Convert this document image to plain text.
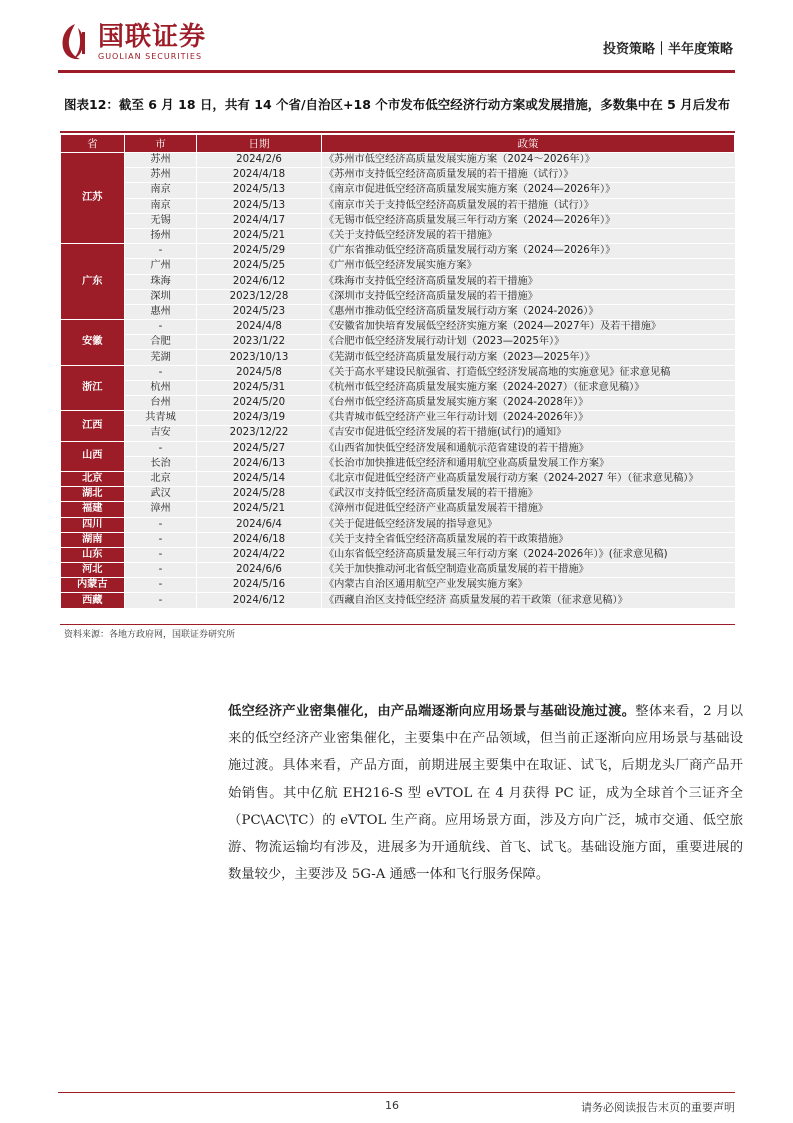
国联证券
GUOLIAN SECURITIES	投资策略｜半年度策略
图表12：截至 6 月 18 日，共有 14 个省/自治区+18 个市发布低空经济行动方案或发展措施，多数集中在 5 月后发布
省	市	日期	政策
江苏	苏州	2024/2/6	《苏州市低空经济高质量发展实施方案（2024～2026年）》
	苏州	2024/4/18	《苏州市支持低空经济高质量发展的若干措施（试行）》
	南京	2024/5/13	《南京市促进低空经济高质量发展实施方案（2024—2026年）》
	南京	2024/5/13	《南京市关于支持低空经济高质量发展的若干措施（试行）》
	无锡	2024/4/17	《无锡市低空经济高质量发展三年行动方案（2024—2026年）》
	扬州	2024/5/21	《关于支持低空经济发展的若干措施》
广东	-	2024/5/29	《广东省推动低空经济高质量发展行动方案（2024—2026年）》
	广州	2024/5/25	《广州市低空经济发展实施方案》
	珠海	2024/6/12	《珠海市支持低空经济高质量发展的若干措施》
	深圳	2023/12/28	《深圳市支持低空经济高质量发展的若干措施》
	惠州	2024/5/23	《惠州市推动低空经济高质量发展行动方案（2024-2026）》
安徽	-	2024/4/8	《安徽省加快培育发展低空经济实施方案（2024—2027年）及若干措施》
	合肥	2023/1/22	《合肥市低空经济发展行动计划（2023—2025年）》
	芜湖	2023/10/13	《芜湖市低空经济高质量发展行动方案（2023—2025年）》
浙江	-	2024/5/8	《关于高水平建设民航强省、打造低空经济发展高地的实施意见》征求意见稿
	杭州	2024/5/31	《杭州市低空经济高质量发展实施方案（2024-2027）（征求意见稿）》
	台州	2024/5/20	《台州市低空经济高质量发展实施方案（2024-2028年）》
江西	共青城	2024/3/19	《共青城市低空经济产业三年行动计划（2024-2026年）》
	吉安	2023/12/22	《吉安市促进低空经济发展的若干措施(试行)的通知》
山西	-	2024/5/27	《山西省加快低空经济发展和通航示范省建设的若干措施》
	长治	2024/6/13	《长治市加快推进低空经济和通用航空业高质量发展工作方案》
北京	北京	2024/5/14	《北京市促进低空经济产业高质量发展行动方案（2024-2027 年）（征求意见稿）》
湖北	武汉	2024/5/28	《武汉市支持低空经济高质量发展的若干措施》
福建	漳州	2024/5/21	《漳州市促进低空经济产业高质量发展若干措施》
四川	-	2024/6/4	《关于促进低空经济发展的指导意见》
湖南	-	2024/6/18	《关于支持全省低空经济高质量发展的若干政策措施》
山东	-	2024/4/22	《山东省低空经济高质量发展三年行动方案（2024-2026年）》(征求意见稿)
河北	-	2024/6/6	《关于加快推动河北省低空制造业高质量发展的若干措施》
内蒙古	-	2024/5/16	《内蒙古自治区通用航空产业发展实施方案》
西藏	-	2024/6/12	《西藏自治区支持低空经济 高质量发展的若干政策（征求意见稿）》
资料来源：各地方政府网，国联证券研究所
低空经济产业密集催化，由产品端逐渐向应用场景与基础设施过渡。整体来看，2 月以来的低空经济产业密集催化，主要集中在产品领域，但当前正逐渐向应用场景与基础设施过渡。具体来看，产品方面，前期进展主要集中在取证、试飞，后期龙头厂商产品开始销售。其中亿航 EH216-S 型 eVTOL 在 4 月获得 PC 证，成为全球首个三证齐全（PC\AC\TC）的 eVTOL 生产商。应用场景方面，涉及方向广泛，城市交通、低空旅游、物流运输均有涉及，进展多为开通航线、首飞、试飞。基础设施方面，重要进展的数量较少，主要涉及 5G-A 通感一体和飞行服务保障。
16	请务必阅读报告末页的重要声明
